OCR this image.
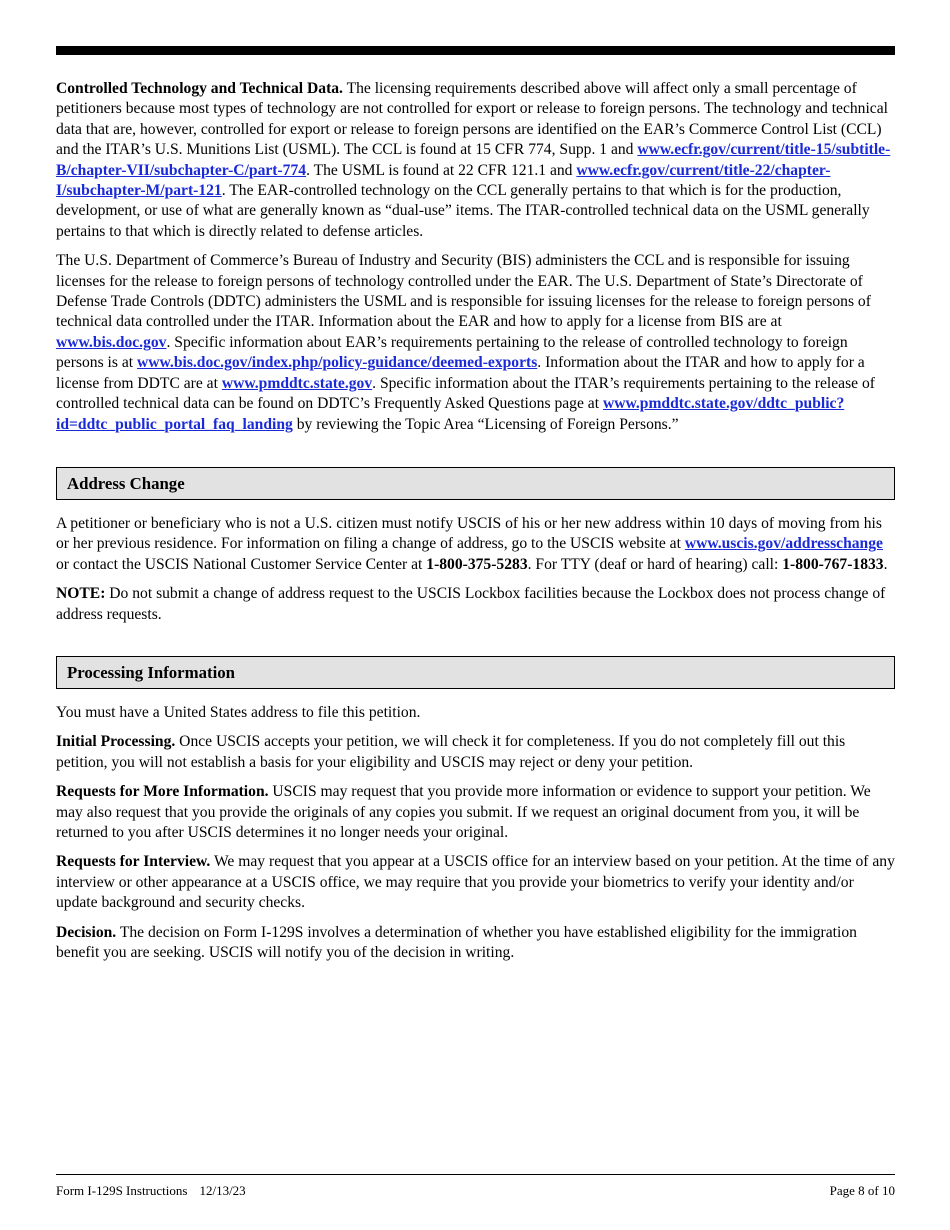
Controlled Technology and Technical Data. The licensing requirements described above will affect only a small percentage of petitioners because most types of technology are not controlled for export or release to foreign persons. The technology and technical data that are, however, controlled for export or release to foreign persons are identified on the EAR’s Commerce Control List (CCL) and the ITAR’s U.S. Munitions List (USML). The CCL is found at 15 CFR 774, Supp. 1 and www.ecfr.gov/current/title-15/subtitle-B/chapter-VII/subchapter-C/part-774. The USML is found at 22 CFR 121.1 and www.ecfr.gov/current/title-22/chapter-I/subchapter-M/part-121. The EAR-controlled technology on the CCL generally pertains to that which is for the production, development, or use of what are generally known as “dual-use” items. The ITAR-controlled technical data on the USML generally pertains to that which is directly related to defense articles.

The U.S. Department of Commerce’s Bureau of Industry and Security (BIS) administers the CCL and is responsible for issuing licenses for the release to foreign persons of technology controlled under the EAR. The U.S. Department of State’s Directorate of Defense Trade Controls (DDTC) administers the USML and is responsible for issuing licenses for the release to foreign persons of technical data controlled under the ITAR. Information about the EAR and how to apply for a license from BIS are at www.bis.doc.gov. Specific information about EAR’s requirements pertaining to the release of controlled technology to foreign persons is at www.bis.doc.gov/index.php/policy-guidance/deemed-exports. Information about the ITAR and how to apply for a license from DDTC are at www.pmddtc.state.gov. Specific information about the ITAR’s requirements pertaining to the release of controlled technical data can be found on DDTC’s Frequently Asked Questions page at www.pmddtc.state.gov/ddtc_public?id=ddtc_public_portal_faq_landing by reviewing the Topic Area “Licensing of Foreign Persons.”

Address Change

A petitioner or beneficiary who is not a U.S. citizen must notify USCIS of his or her new address within 10 days of moving from his or her previous residence. For information on filing a change of address, go to the USCIS website at www.uscis.gov/addresschange or contact the USCIS National Customer Service Center at 1-800-375-5283. For TTY (deaf or hard of hearing) call: 1-800-767-1833.

NOTE: Do not submit a change of address request to the USCIS Lockbox facilities because the Lockbox does not process change of address requests.

Processing Information

You must have a United States address to file this petition.

Initial Processing. Once USCIS accepts your petition, we will check it for completeness. If you do not completely fill out this petition, you will not establish a basis for your eligibility and USCIS may reject or deny your petition.

Requests for More Information. USCIS may request that you provide more information or evidence to support your petition. We may also request that you provide the originals of any copies you submit. If we request an original document from you, it will be returned to you after USCIS determines it no longer needs your original.

Requests for Interview. We may request that you appear at a USCIS office for an interview based on your petition. At the time of any interview or other appearance at a USCIS office, we may require that you provide your biometrics to verify your identity and/or update background and security checks.

Decision. The decision on Form I-129S involves a determination of whether you have established eligibility for the immigration benefit you are seeking. USCIS will notify you of the decision in writing.

Form I-129S Instructions 12/13/23	Page 8 of 10
